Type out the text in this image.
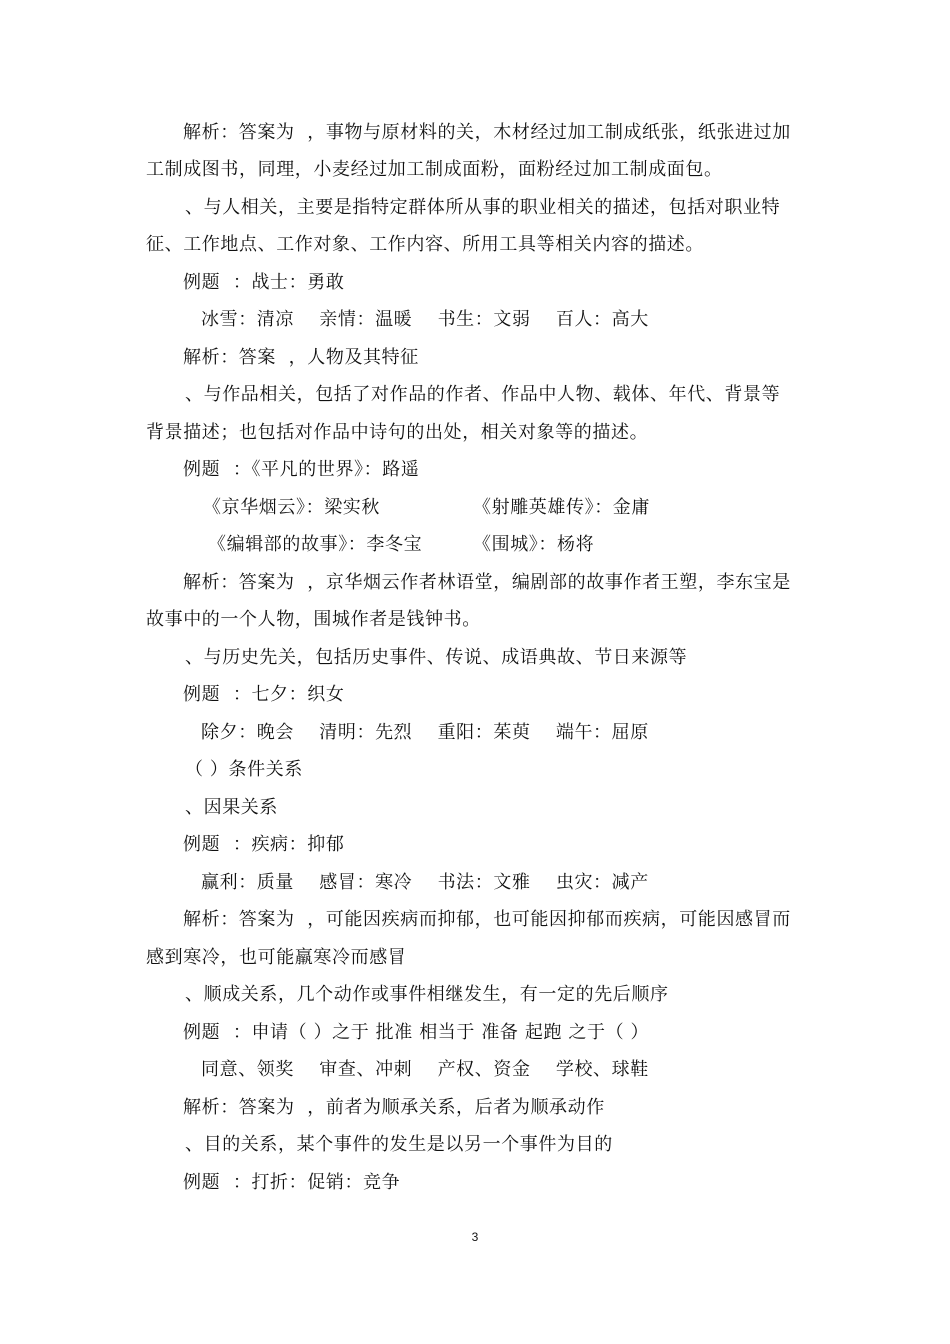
解析：答案为  ，事物与原材料的关，木材经过加工制成纸张，纸张进过加
工制成图书，同理，小麦经过加工制成面粉，面粉经过加工制成面包。
、与人相关，主要是指特定群体所从事的职业相关的描述，包括对职业特
征、工作地点、工作对象、工作内容、所用工具等相关内容的描述。
例题  ：战士：勇敢
冰雪：清凉    亲情：温暖    书生：文弱    百人：高大
解析：答案  ，人物及其特征
、与作品相关，包括了对作品的作者、作品中人物、载体、年代、背景等
背景描述；也包括对作品中诗句的出处，相关对象等的描述。
例题  ：《平凡的世界》：路遥
《京华烟云》：梁实秋	《射雕英雄传》：金庸
《编辑部的故事》：李冬宝	《围城》：杨将
解析：答案为  ，京华烟云作者林语堂，编剧部的故事作者王塑，李东宝是
故事中的一个人物，围城作者是钱钟书。
、与历史先关，包括历史事件、传说、成语典故、节日来源等
例题  ：七夕：织女
除夕：晚会    清明：先烈    重阳：茱萸    端午：屈原
（ ）条件关系
、因果关系
例题  ：疾病：抑郁
赢利：质量    感冒：寒冷    书法：文雅    虫灾：减产
解析：答案为  ，可能因疾病而抑郁，也可能因抑郁而疾病，可能因感冒而
感到寒冷，也可能羸寒冷而感冒
、顺成关系，几个动作或事件相继发生，有一定的先后顺序
例题  ：申请（ ）之于 批准 相当于 准备 起跑 之于（ ）
同意、领奖    审查、冲刺    产权、资金    学校、球鞋
解析：答案为  ，前者为顺承关系，后者为顺承动作
、目的关系，某个事件的发生是以另一个事件为目的
例题  ：打折：促销：竞争
3
